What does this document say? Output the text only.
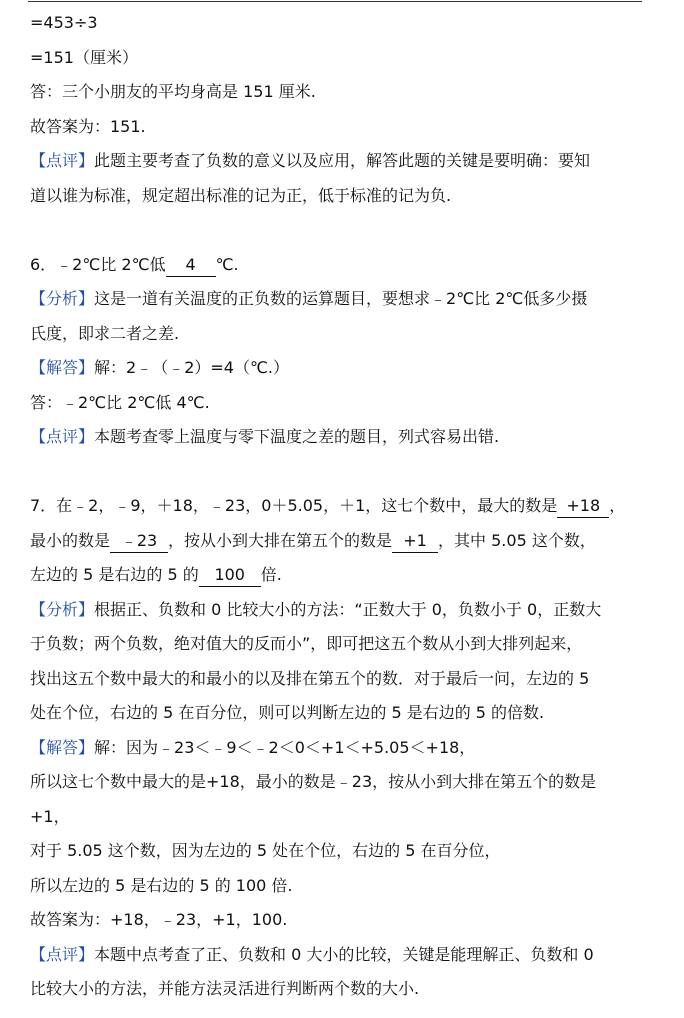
=453÷3
=151（厘米）
答：三个小朋友的平均身高是 151 厘米.
故答案为：151.
【点评】此题主要考查了负数的意义以及应用，解答此题的关键是要明确：要知
道以谁为标准，规定超出标准的记为正，低于标准的记为负.
6．﹣2℃比 2℃低 4 ℃.
【分析】这是一道有关温度的正负数的运算题目，要想求﹣2℃比 2℃低多少摄
氏度，即求二者之差.
【解答】解：2﹣（﹣2）=4（℃.）
答：﹣2℃比 2℃低 4℃.
【点评】本题考查零上温度与零下温度之差的题目，列式容易出错.
7．在﹣2，﹣9，＋18，﹣23，0＋5.05，＋1，这七个数中，最大的数是 +18 ，
最小的数是 ﹣23 ，按从小到大排在第五个的数是 +1 ，其中 5.05 这个数，
左边的 5 是右边的 5 的 100 倍.
【分析】根据正、负数和 0 比较大小的方法：“正数大于 0，负数小于 0，正数大
于负数；两个负数，绝对值大的反而小”，即可把这五个数从小到大排列起来，
找出这五个数中最大的和最小的以及排在第五个的数．对于最后一问，左边的 5
处在个位，右边的 5 在百分位，则可以判断左边的 5 是右边的 5 的倍数.
【解答】解：因为﹣23＜﹣9＜﹣2＜0＜+1＜+5.05＜+18，
所以这七个数中最大的是+18，最小的数是﹣23，按从小到大排在第五个的数是
+1，
对于 5.05 这个数，因为左边的 5 处在个位，右边的 5 在百分位，
所以左边的 5 是右边的 5 的 100 倍.
故答案为：+18，﹣23，+1，100.
【点评】本题中点考查了正、负数和 0 大小的比较，关键是能理解正、负数和 0
比较大小的方法，并能方法灵活进行判断两个数的大小.
